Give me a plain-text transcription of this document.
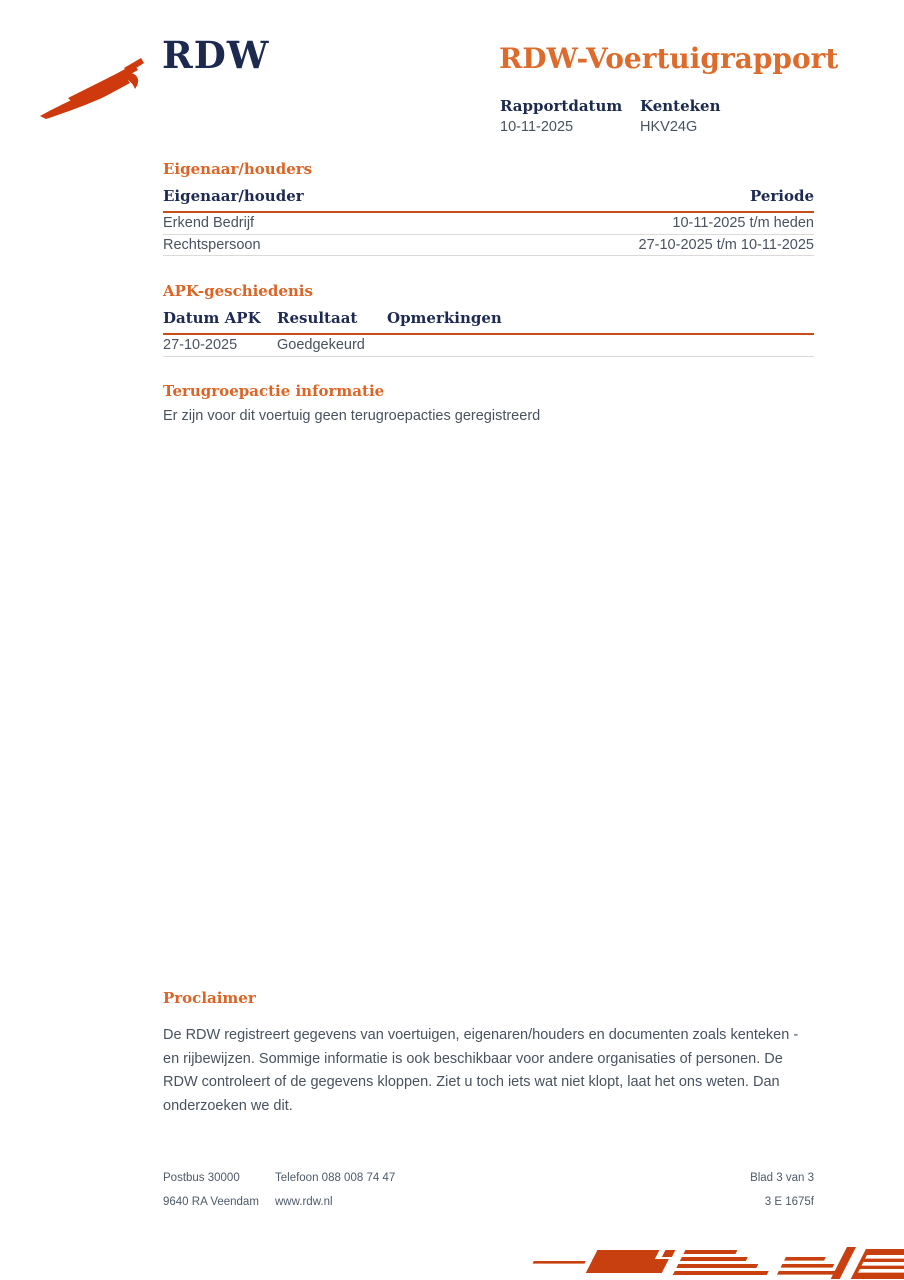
RDW	RDW-Voertuigrapport
Rapportdatum Kenteken
10-11-2025	HKV24G
Eigenaar/houders
Eigenaar/houder	Periode
Erkend Bedrijf	10-11-2025 t/m heden
Rechtspersoon	27-10-2025 t/m 10-11-2025
APK-geschiedenis
Datum APK	Resultaat	Opmerkingen
27-10-2025	Goedgekeurd
Terugroepactie informatie
Er zijn voor dit voertuig geen terugroepacties geregistreerd
Proclaimer
De RDW registreert gegevens van voertuigen, eigenaren/houders en documenten zoals kenteken - en rijbewijzen. Sommige informatie is ook beschikbaar voor andere organisaties of personen. De RDW controleert of de gegevens kloppen. Ziet u toch iets wat niet klopt, laat het ons weten. Dan onderzoeken we dit.
Postbus 30000
9640 RA Veendam
Telefoon 088 008 74 47
www.rdw.nl
Blad 3 van 3
3 E 1675f
